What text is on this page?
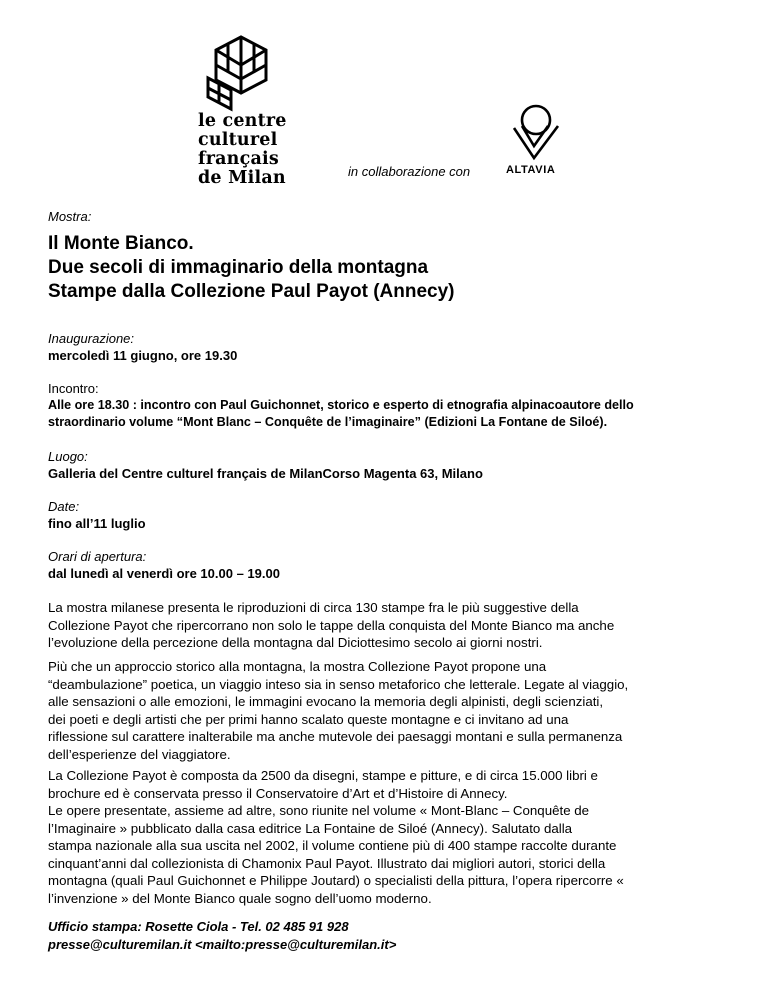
le centre
culturel
français
de Milan	in collaborazione con	ALTAVIA
Mostra:
Il Monte Bianco.
Due secoli di immaginario della montagna
Stampe dalla Collezione Paul Payot (Annecy)
Inaugurazione:
mercoledì 11 giugno, ore 19.30
Incontro:
Alle ore 18.30 : incontro con Paul Guichonnet, storico e esperto di etnografia alpinacoautore dello
straordinario volume “Mont Blanc – Conquête de l’imaginaire” (Edizioni La Fontane de Siloé).
Luogo:
Galleria del Centre culturel français de MilanCorso Magenta 63, Milano
Date:
fino all’11 luglio
Orari di apertura:
dal lunedì al venerdì ore 10.00 – 19.00

La mostra milanese presenta le riproduzioni di circa 130 stampe fra le più suggestive della

Collezione Payot che ripercorrano non solo le tappe della conquista del Monte Bianco ma anche

l’evoluzione della percezione della montagna dal Diciottesimo secolo ai giorni nostri.

Più che un approccio storico alla montagna, la mostra Collezione Payot propone una

“deambulazione” poetica, un viaggio inteso sia in senso metaforico che letterale. Legate al viaggio,

alle sensazioni o alle emozioni, le immagini evocano la memoria degli alpinisti, degli scienziati,

dei poeti e degli artisti che per primi hanno scalato queste montagne e ci invitano ad una

riflessione sul carattere inalterabile ma anche mutevole dei paesaggi montani e sulla permanenza

dell’esperienze del viaggiatore.

La Collezione Payot è composta da 2500 da disegni, stampe e pitture, e di circa 15.000 libri e

brochure ed è conservata presso il Conservatoire d’Art et d’Histoire di Annecy.

Le opere presentate, assieme ad altre, sono riunite nel volume « Mont-Blanc – Conquête de

l’Imaginaire » pubblicato dalla casa editrice La Fontaine de Siloé (Annecy). Salutato dalla

stampa nazionale alla sua uscita nel 2002, il volume contiene più di 400 stampe raccolte durante

cinquant’anni dal collezionista di Chamonix Paul Payot. Illustrato dai migliori autori, storici della

montagna (quali Paul Guichonnet e Philippe Joutard) o specialisti della pittura, l’opera ripercorre «

l’invenzione » del Monte Bianco quale sogno dell’uomo moderno.

Ufficio stampa: Rosette Ciola - Tel. 02 485 91 928
presse@culturemilan.it <mailto:presse@culturemilan.it>
